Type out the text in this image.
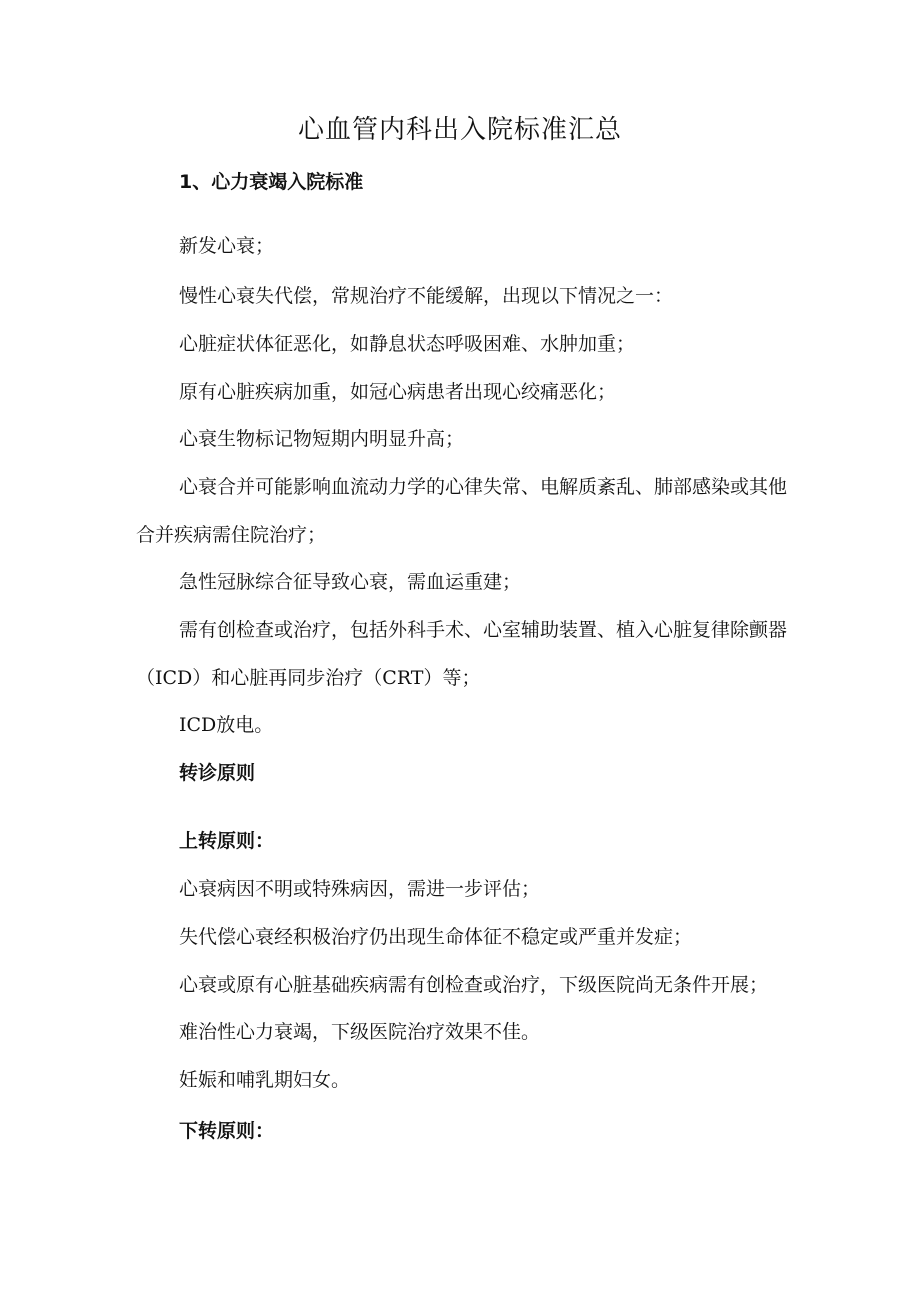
心血管内科出入院标准汇总

1、心力衰竭入院标准

新发心衰；

慢性心衰失代偿，常规治疗不能缓解，出现以下情况之一：

心脏症状体征恶化，如静息状态呼吸困难、水肿加重；

原有心脏疾病加重，如冠心病患者出现心绞痛恶化；

心衰生物标记物短期内明显升高；

心衰合并可能影响血流动力学的心律失常、电解质紊乱、肺部感染或其他

合并疾病需住院治疗；

急性冠脉综合征导致心衰，需血运重建；

需有创检查或治疗，包括外科手术、心室辅助装置、植入心脏复律除颤器

（ICD）和心脏再同步治疗（CRT）等；

ICD放电。

转诊原则

上转原则：

心衰病因不明或特殊病因，需进一步评估；

失代偿心衰经积极治疗仍出现生命体征不稳定或严重并发症；

心衰或原有心脏基础疾病需有创检查或治疗，下级医院尚无条件开展；

难治性心力衰竭，下级医院治疗效果不佳。

妊娠和哺乳期妇女。

下转原则：
